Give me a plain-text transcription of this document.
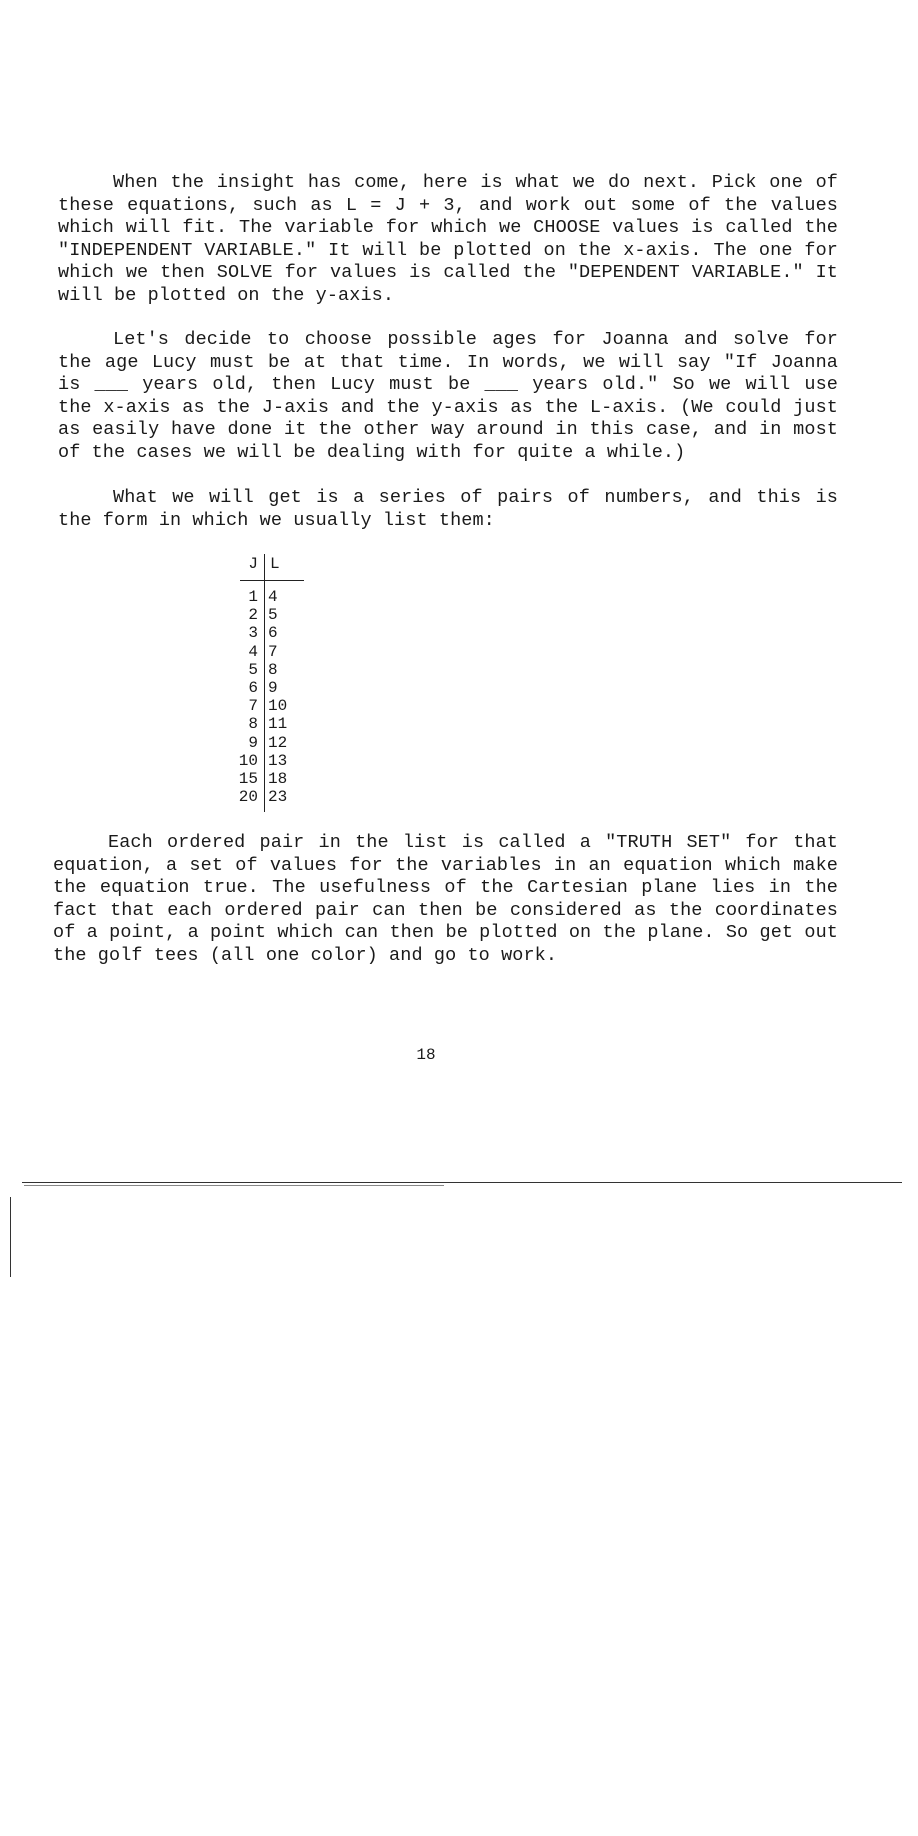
When the insight has come, here is what we do next. Pick one of these equations, such as L = J + 3, and work out some of the values which will fit. The variable for which we CHOOSE values is called the "INDEPENDENT VARIABLE." It will be plotted on the x-axis. The one for which we then SOLVE for values is called the "DEPENDENT VARIABLE." It will be plotted on the y-axis.

Let's decide to choose possible ages for Joanna and solve for the age Lucy must be at that time. In words, we will say "If Joanna is ___ years old, then Lucy must be ___ years old." So we will use the x-axis as the J-axis and the y-axis as the L-axis. (We could just as easily have done it the other way around in this case, and in most of the cases we will be dealing with for quite a while.)

What we will get is a series of pairs of numbers, and this is the form in which we usually list them:

J L
1 4
2 5
3 6
4 7
5 8
6 9
7 10
8 11
9 12
10 13
15 18
20 23

Each ordered pair in the list is called a "TRUTH SET" for that equation, a set of values for the variables in an equation which make the equation true. The usefulness of the Cartesian plane lies in the fact that each ordered pair can then be considered as the coordinates of a point, a point which can then be plotted on the plane. So get out the golf tees (all one color) and go to work.

18
